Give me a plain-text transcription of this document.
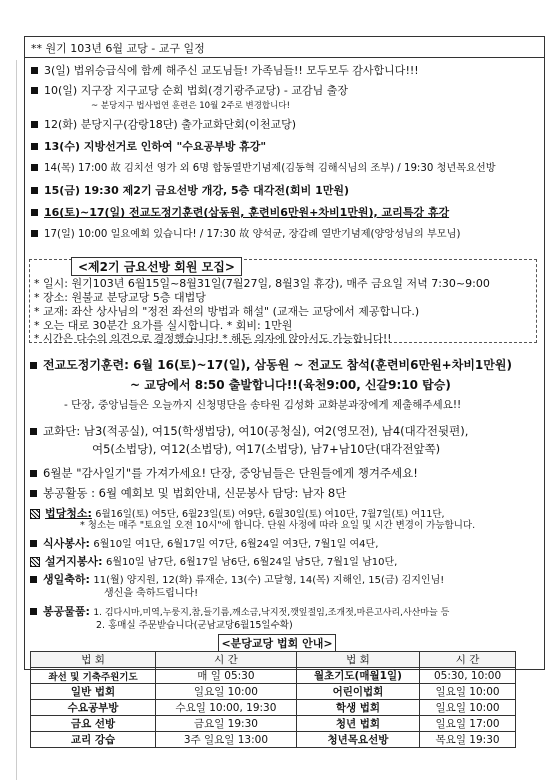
** 원기 103년 6월 교당 - 교구 일정
3(일) 법위승급식에 함께 해주신 교도님들! 가족님들!! 모두모두 감사합니다!!!
10(일) 지구장 지구교당 순회 법회(경기광주교당) - 교감님 출장
~ 분당지구 법사법연 훈련은 10월 2주로 변경합니다!
12(화) 분당지구(감랑18단) 출가교화단회(이천교당)
13(수) 지방선거로 인하여 "수요공부방 휴강"
14(목) 17:00 故 김치선 영가 외 6명 합동열반기념제(김동혁 김해식님의 조부) / 19:30 청년목요선방
15(금) 19:30 제2기 금요선방 개강, 5층 대각전(회비 1만원)
16(토)~17(일) 전교도정기훈련(삼동원, 훈련비6만원+차비1만원), 교리특강 휴강
17(일) 10:00 일요예회 있습니다! / 17:30 故 양석균, 장갑례 열반기념제(양앙성님의 부모님)
* 일시: 원기103년 6월15일~8월31일(7월27일, 8월3일 휴강), 매주 금요일 저녁 7:30~9:00
* 장소: 원불교 분당교당 5층 대법당
* 교재: 좌산 상사님의 "정전 좌선의 방법과 해설" (교재는 교당에서 제공합니다.)
* 오는 대로 30분간 요가를 실시합니다. * 회비: 1만원
* 시간은 다수의 의견으로 결정했습니다! * 해돈 의자에 앉아서도 가능합니다!!
<제2기 금요선방 회원 모집>
전교도정기훈련: 6월 16(토)~17(일), 삼동원 ~ 전교도 참석(훈련비6만원+차비1만원)
~ 교당에서 8:50 출발합니다!!(육천9:00, 신갈9:10 탑승)
- 단장, 중앙님들은 오늘까지 신청명단을 송타원 김성화 교화분과장에게 제출해주세요!!
교화단: 남3(적공실), 여15(학생법당), 여10(공청실), 여2(영모전), 남4(대각전뒷편),
여5(소법당), 여12(소법당), 여17(소법당), 남7+남10단(대각전앞쪽)
6월분 "감사일기"를 가져가세요! 단장, 중앙님들은 단원들에게 챙겨주세요!
봉공활동 : 6월 예회보 및 법회안내, 신문봉사 담당: 남자 8단
법당청소: 6월16일(토) 여5단, 6월23일(토) 여9단, 6월30일(토) 여10단, 7월7일(토) 여11단,
* 청소는 매주 "토요일 오전 10시"에 합니다. 단원 사정에 따라 요일 및 시간 변경이 가능합니다.
식사봉사: 6월10일 여1단, 6월17일 여7단, 6월24일 여3단, 7월1일 여4단,
설거지봉사: 6월10일 남7단, 6월17일 남6단, 6월24일 남5단, 7월1일 남10단,
생일축하: 11(월) 양지원, 12(화) 류재순, 13(수) 고달형, 14(목) 지해인, 15(금) 김지인님!
생신을 축하드립니다!
봉공물품: 1. 김다시마,미역,누룽지,참,들기름,깨소금,낙지젓,깻잎절임,조개젓,마른고사리,사산마늘 등
2. 홍매실 주문받습니다(군남교당6월15일수확)
<분당교당 법회 안내>
법 회	시 간	법 회	시 간
좌선 및 기축주원기도	매 일 05:30	월초기도(매월1일)	05:30, 10:00
일반 법회	일요일 10:00	어린이법회	일요일 10:00
수요공부방	수요일 10:00, 19:30	학생 법회	일요일 10:00
금요 선방	금요일 19:30	청년 법회	일요일 17:00
교리 강습	3주 일요일 13:00	청년목요선방	목요일 19:30
